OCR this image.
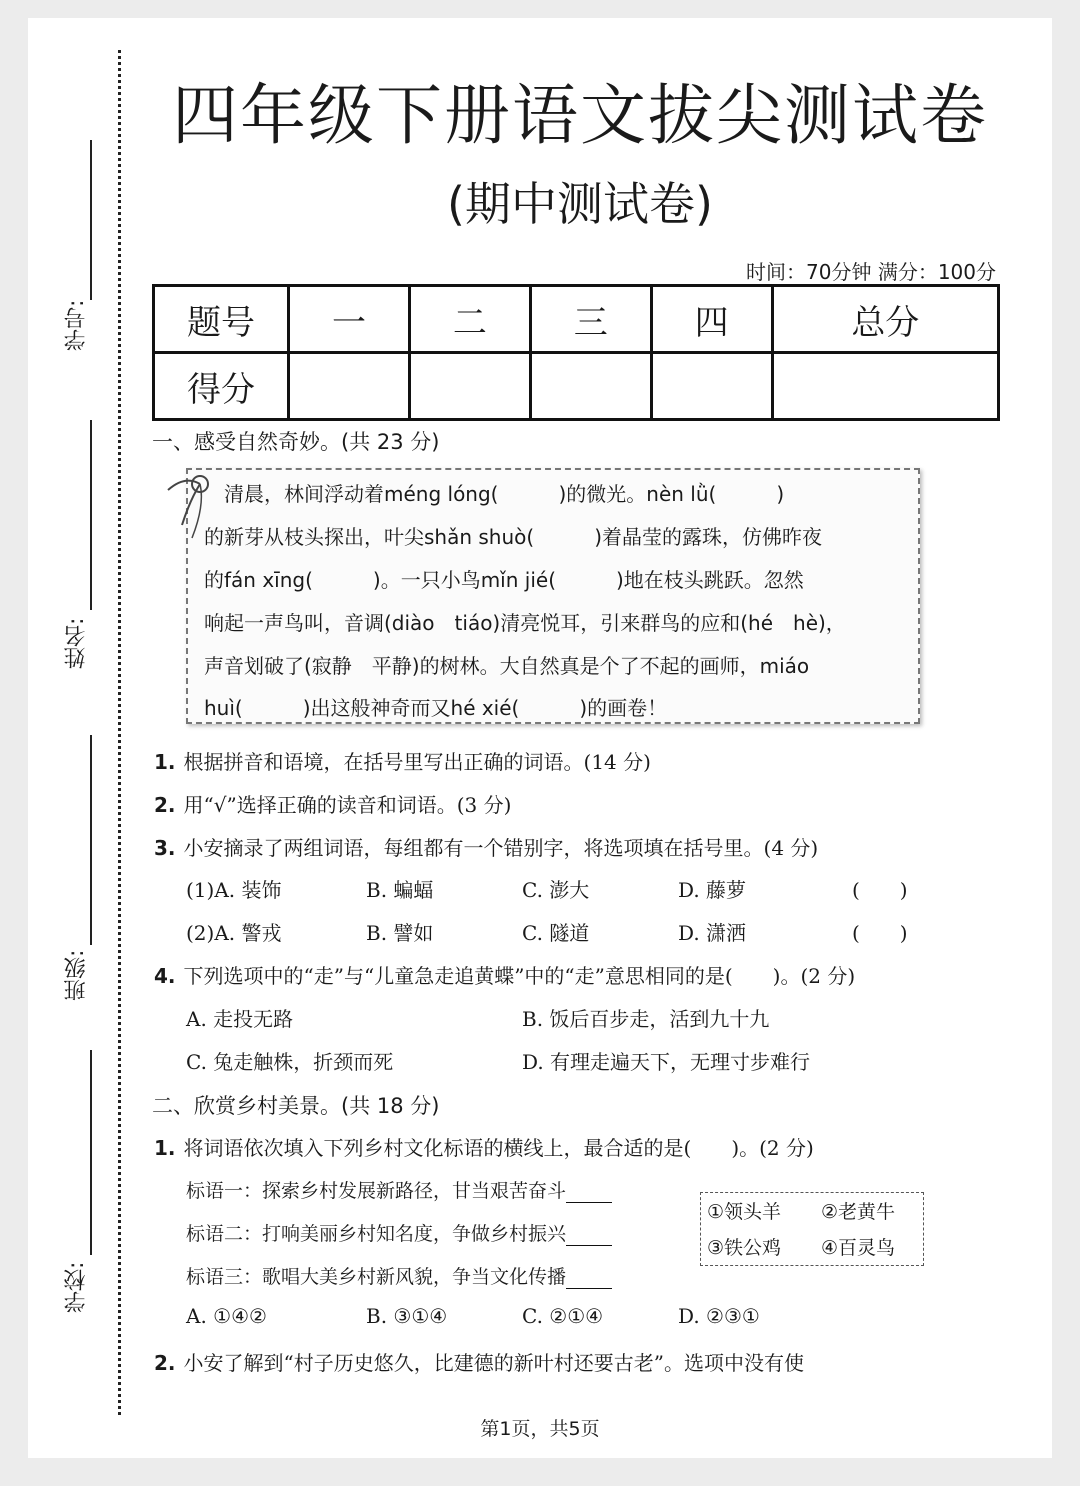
学号:
姓名:
班级:
学校:
四年级下册语文拔尖测试卷
(期中测试卷)
时间：70分钟 满分：100分
题号	一	二	三	四	总分
得分					
一、感受自然奇妙。(共 23 分)
　清晨，林间浮动着méng lóng(　　　)的微光。nèn lǜ(　　　)
的新芽从枝头探出，叶尖shǎn shuò(　　　)着晶莹的露珠，仿佛昨夜
的fán xīng(　　　)。一只小鸟mǐn jié(　　　)地在枝头跳跃。忽然
响起一声鸟叫，音调(diào　tiáo)清亮悦耳，引来群鸟的应和(hé　hè)，
声音划破了(寂静　平静)的树林。大自然真是个了不起的画师，miáo
huì(　　　)出这般神奇而又hé xié(　　　)的画卷！
1. 根据拼音和语境，在括号里写出正确的词语。(14 分)
2. 用“√”选择正确的读音和词语。(3 分)
3. 小安摘录了两组词语，每组都有一个错别字，将选项填在括号里。(4 分)
(1)A. 装饰	B. 蝙蝠	C. 澎大	D. 藤萝	(　　)
(2)A. 警戎	B. 譬如	C. 隧道	D. 潇洒	(　　)
4. 下列选项中的“走”与“儿童急走追黄蝶”中的“走”意思相同的是(　　)。(2 分)
A. 走投无路	B. 饭后百步走，活到九十九
C. 兔走触株，折颈而死	D. 有理走遍天下，无理寸步难行
二、欣赏乡村美景。(共 18 分)
1. 将词语依次填入下列乡村文化标语的横线上，最合适的是(　　)。(2 分)
标语一：探索乡村发展新路径，甘当艰苦奋斗
标语二：打响美丽乡村知名度，争做乡村振兴
标语三：歌唱大美乡村新风貌，争当文化传播
①领头羊 ②老黄牛
③铁公鸡 ④百灵鸟
A. ①④②	B. ③①④	C. ②①④	D. ②③①
2. 小安了解到“村子历史悠久，比建德的新叶村还要古老”。选项中没有使
第1页，共5页
